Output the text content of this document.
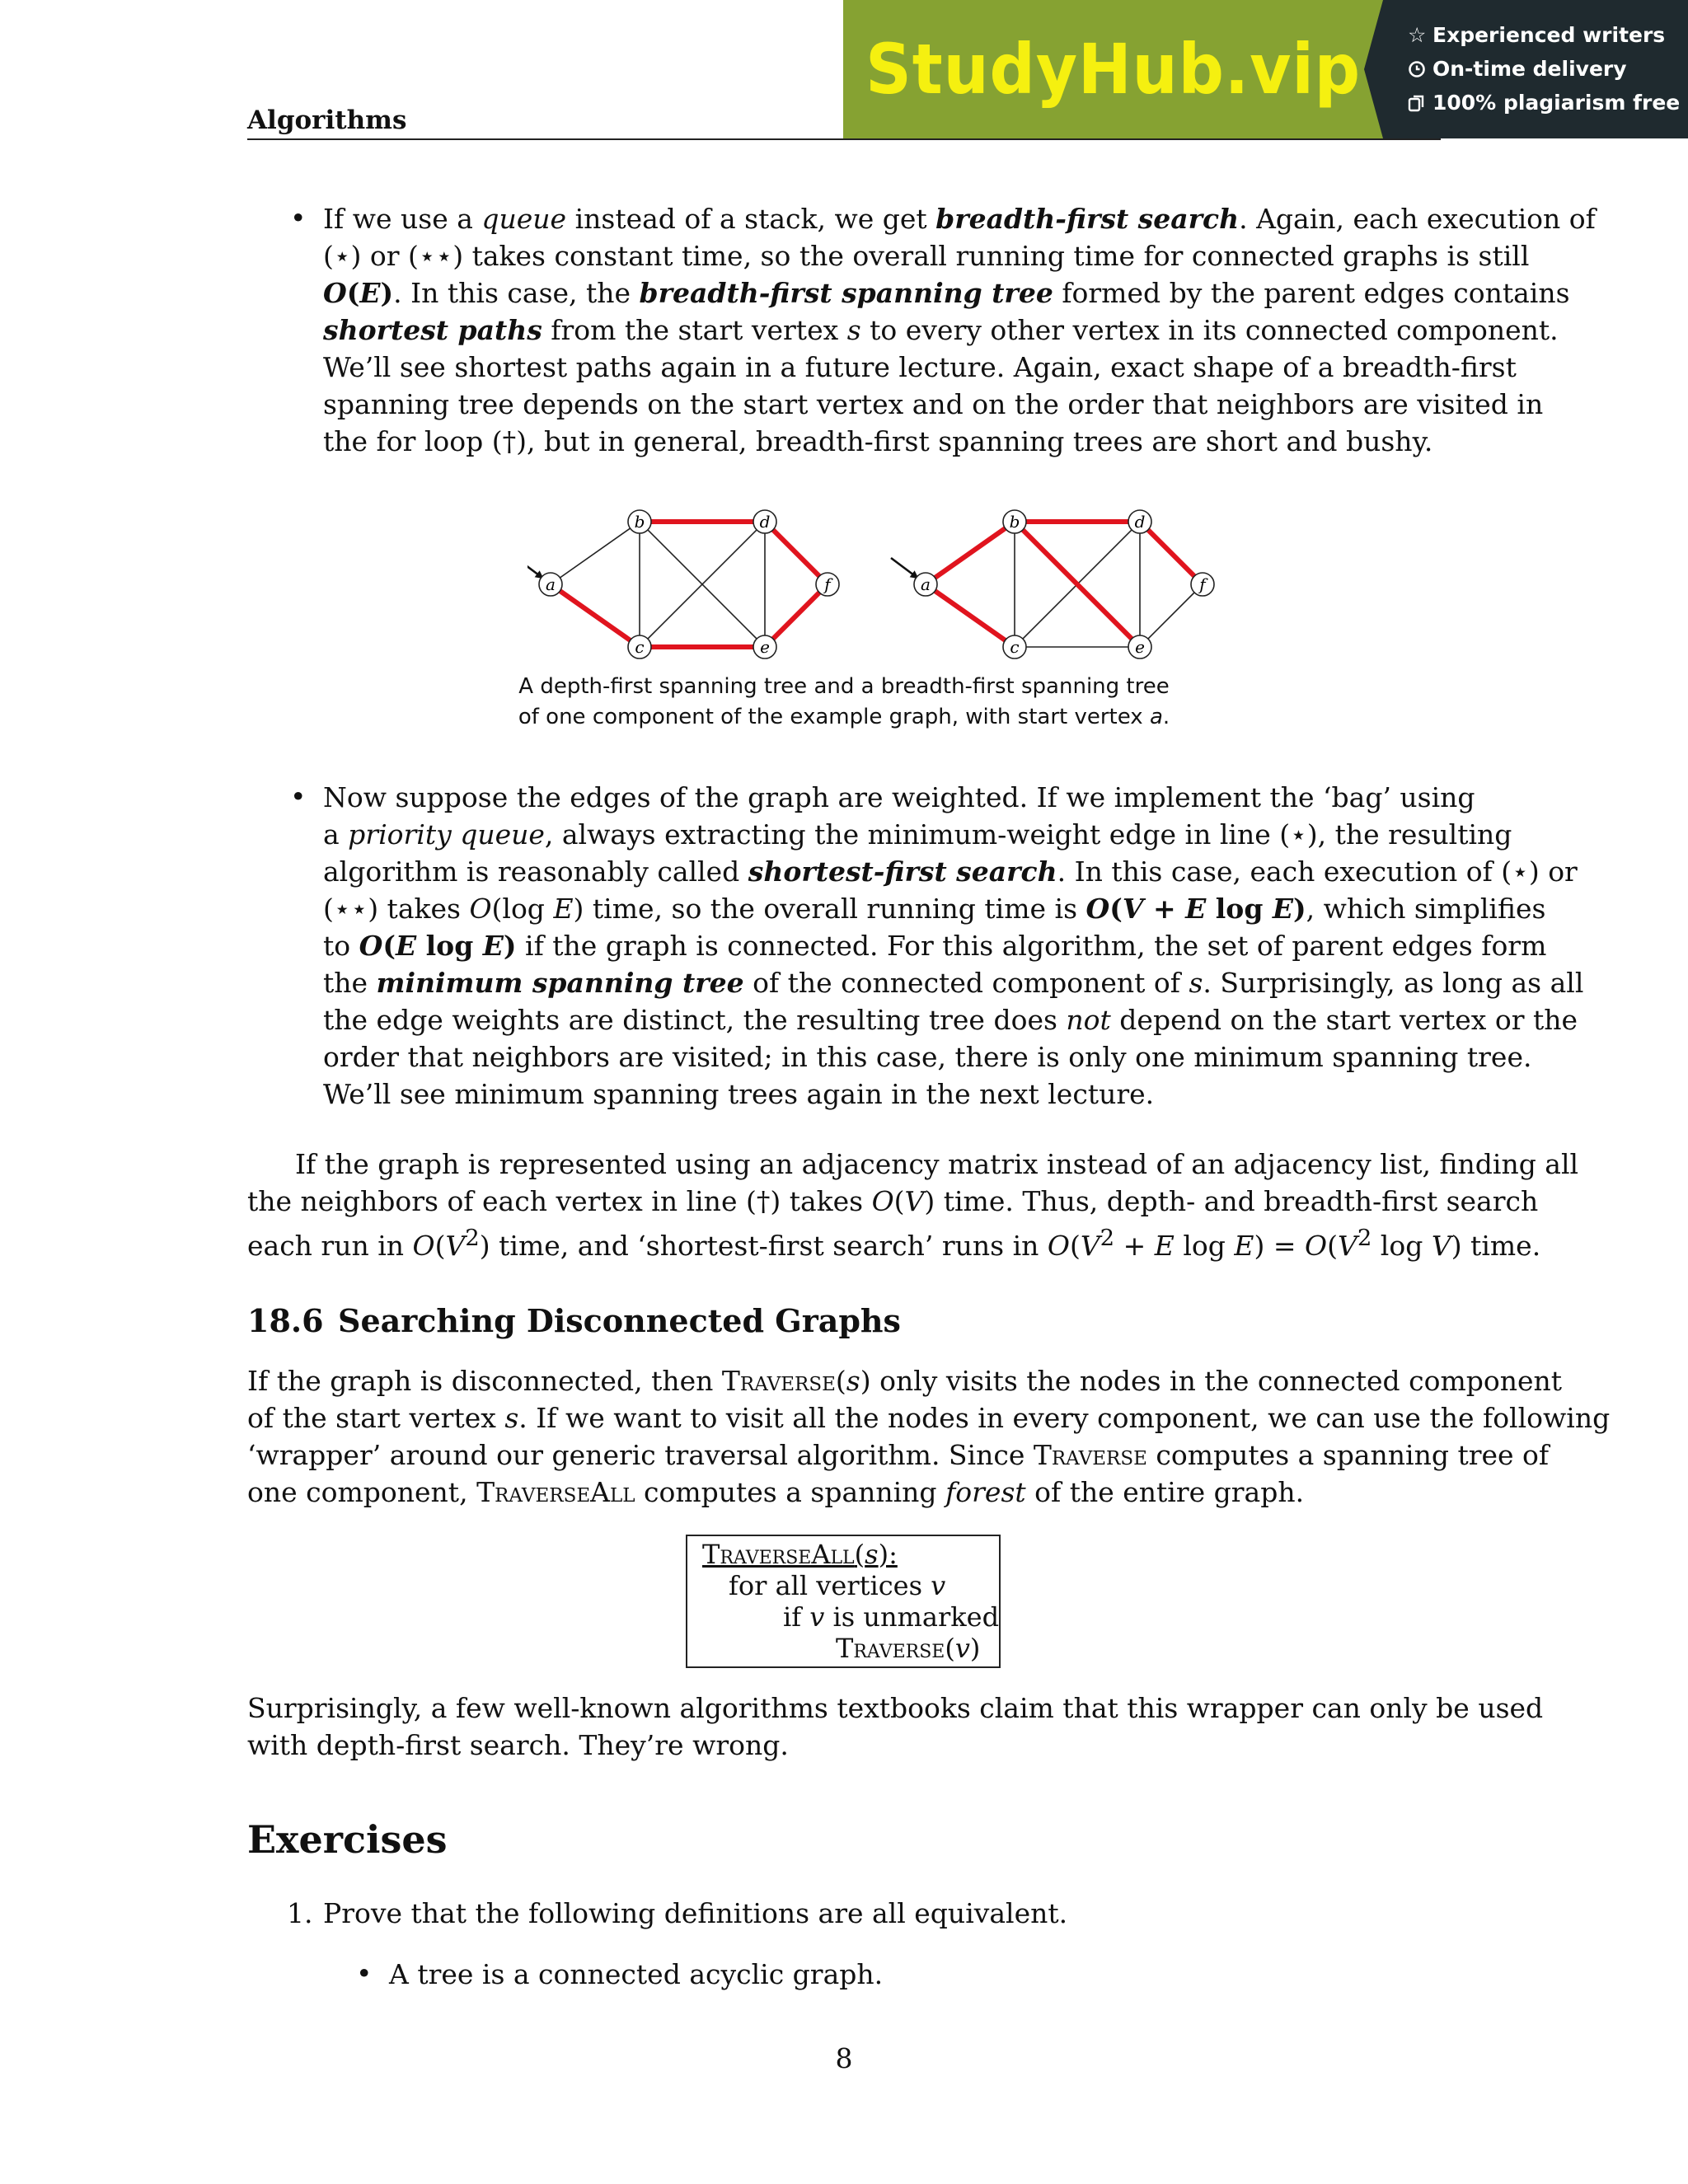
Algorithms
StudyHub.vip ☆ Experienced writers
On-time delivery
100% plagiarism free
• If we use a queue instead of a stack, we get breadth-first search. Again, each execution of
(⋆) or (⋆⋆) takes constant time, so the overall running time for connected graphs is still
O(E). In this case, the breadth-first spanning tree formed by the parent edges contains
shortest paths from the start vertex s to every other vertex in its connected component.
We’ll see shortest paths again in a future lecture. Again, exact shape of a breadth-first
spanning tree depends on the start vertex and on the order that neighbors are visited in
the for loop (†), but in general, breadth-first spanning trees are short and bushy.
a
b
c
d
e
f	a
b
c
d
e
f
A depth-first spanning tree and a breadth-first spanning tree
of one component of the example graph, with start vertex a.
• Now suppose the edges of the graph are weighted. If we implement the ‘bag’ using
a priority queue, always extracting the minimum-weight edge in line (⋆), the resulting
algorithm is reasonably called shortest-first search. In this case, each execution of (⋆) or
(⋆⋆) takes O(log E) time, so the overall running time is O(V + E log E), which simplifies
to O(E log E) if the graph is connected. For this algorithm, the set of parent edges form
the minimum spanning tree of the connected component of s. Surprisingly, as long as all
the edge weights are distinct, the resulting tree does not depend on the start vertex or the
order that neighbors are visited; in this case, there is only one minimum spanning tree.
We’ll see minimum spanning trees again in the next lecture.
If the graph is represented using an adjacency matrix instead of an adjacency list, finding all
the neighbors of each vertex in line (†) takes O(V) time. Thus, depth- and breadth-first search
each run in $O(V^2)$ time, and ‘shortest-first search’ runs in $O(V^2 + E$ $\log E) = O(V^2$ log V) time.
18.6 Searching Disconnected Graphs
If the graph is disconnected, then Traverse(s) only visits the nodes in the connected component
of the start vertex s. If we want to visit all the nodes in every component, we can use the following
‘wrapper’ around our generic traversal algorithm. Since Traverse computes a spanning tree of
one component, TraverseAll computes a spanning forest of the entire graph.
TraverseAll(s):
for all vertices v
if v is unmarked
Traverse(v)
Surprisingly, a few well-known algorithms textbooks claim that this wrapper can only be used
with depth-first search. They’re wrong.
Exercises
1. Prove that the following definitions are all equivalent.
• A tree is a connected acyclic graph.
8
